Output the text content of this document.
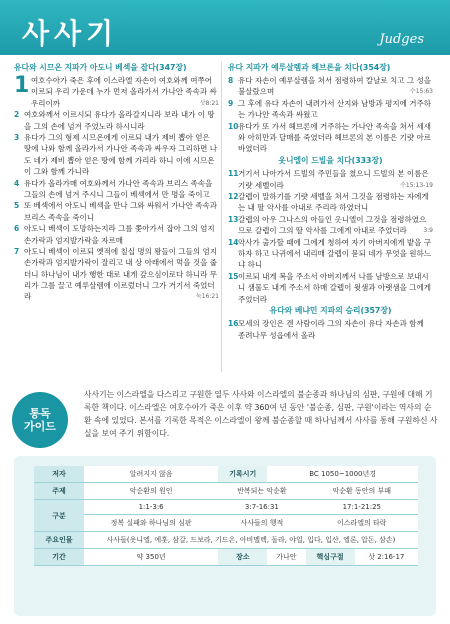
사사기	Judges
유다와 시므온 지파가 아도니 베섹을 잡다(347장)
1 여호수아가 죽은 후에 이스라엘 자손이 여호와께 여쭈어 이르되 우리 가운데 누가 먼저 올라가서 가나안 족속과 싸우리이까	삿8:21
2 여호와께서 이르시되 유다가 올라갈지니라 보라 내가 이 땅을 그의 손에 넘겨 주었노라 하시니라
3 유다가 그의 형제 시므온에게 이르되 내가 제비 뽑아 얻은 땅에 나와 함께 올라가서 가나안 족속과 싸우자 그리하면 나도 네가 제비 뽑아 얻은 땅에 함께 가리라 하니 이에 시므온이 그와 함께 가니라
4 유다가 올라가매 여호와께서 가나안 족속과 브리스 족속을 그들의 손에 넘겨 주시니 그들이 베섹에서 만 명을 죽이고
5 또 베섹에서 아도니 베섹을 만나 그와 싸워서 가나안 족속과 브리스 족속을 죽이니
6 아도니 베섹이 도망하는지라 그를 쫓아가서 잡아 그의 엄지손가락과 엄지발가락을 자르매
7 아도니 베섹이 이르되 옛적에 칠십 명의 왕들이 그들의 엄지손가락과 엄지발가락이 잘리고 내 상 아래에서 먹을 것을 줍더니 하나님이 내가 행한 대로 내게 갚으심이로다 하니라 무리가 그를 끌고 예루살렘에 이르렀더니 그가 거기서 죽었더라	눅16:21
유다 지파가 예루살렘과 헤브론을 치다(354장)
8 유다 자손이 예루살렘을 쳐서 점령하여 칼날로 치고 그 성을 불살랐으며	수15:63
9 그 후에 유다 자손이 내려가서 산지와 남방과 평지에 거주하는 가나안 족속과 싸웠고
10 유다가 또 가서 헤브론에 거주하는 가나안 족속을 쳐서 세새와 아히만과 달매를 죽였더라 헤브론의 본 이름은 기럇 아르바였더라
옷니엘이 드빌을 치다(333장)
11 거기서 나아가서 드빌의 주민들을 쳤으니 드빌의 본 이름은 기럇 세벨이라	수15:13-19
12 갈렙이 말하기를 기럇 세벨을 쳐서 그것을 점령하는 자에게는 내 딸 악사를 아내로 주리라 하였더니
13 갈렙의 아우 그나스의 아들인 옷니엘이 그것을 점령하였으므로 갈렙이 그의 딸 악사를 그에게 아내로 주었더라	3:9
14 악사가 출가할 때에 그에게 청하여 자기 아버지에게 밭을 구하자 하고 나귀에서 내리매 갈렙이 묻되 네가 무엇을 원하느냐 하니
15 이르되 내게 복을 주소서 아버지께서 나를 남방으로 보내시니 샘물도 내게 주소서 하매 갈렙이 윗샘과 아랫샘을 그에게 주었더라
유다와 베냐민 지파의 승리(357장)
16 모세의 장인은 겐 사람이라 그의 자손이 유다 자손과 함께 종려나무 성읍에서 올라
통독
가이드
사사기는 이스라엘을 다스리고 구원한 열두 사사와 이스라엘의 불순종과 하나님의 심판, 구원에 대해 기록한 책이다. 이스라엘은 여호수아가 죽은 이후 약 360여 년 동안 '불순종, 심판, 구원'이라는 역사의 순환 속에 있었다. 본서를 기록한 목적은 이스라엘이 왕께 불순종할 때 하나님께서 사사를 통해 구원하신 사실을 보여 주기 위함이다.
저자	알려지지 않음	기록시기	BC 1050~1000년경		
주제	악순환의 원인	반복되는 악순환		악순환 동안의 부패	
구분	1:1-3:6	3:7-16:31		17:1-21:25	
	정복 실패와 하나님의 심판	사사들의 행적		이스라엘의 타락	
주요인물	사사들(옷니엘, 에훗, 삼갈, 드보라, 기드온, 아비멜렉, 돌라, 야일, 입다, 입산, 엘론, 압돈, 삼손)				
기간	약 350년	장소	가나안	핵심구절	삿 2:16-17
